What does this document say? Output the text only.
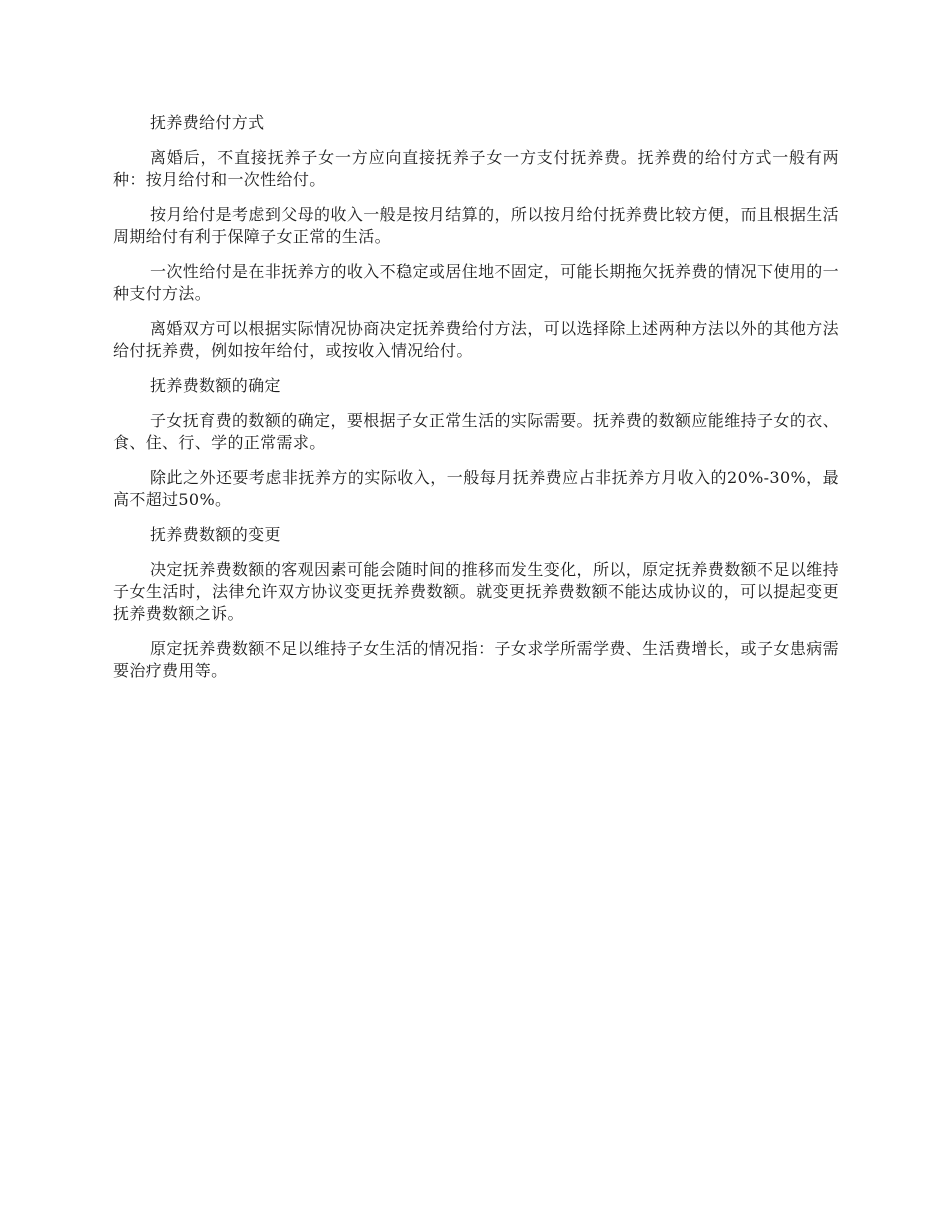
抚养费给付方式

离婚后，不直接抚养子女一方应向直接抚养子女一方支付抚养费。抚养费的给付方式一般有两种：按月给付和一次性给付。

按月给付是考虑到父母的收入一般是按月结算的，所以按月给付抚养费比较方便，而且根据生活周期给付有利于保障子女正常的生活。

一次性给付是在非抚养方的收入不稳定或居住地不固定，可能长期拖欠抚养费的情况下使用的一种支付方法。

离婚双方可以根据实际情况协商决定抚养费给付方法，可以选择除上述两种方法以外的其他方法给付抚养费，例如按年给付，或按收入情况给付。

抚养费数额的确定

子女抚育费的数额的确定，要根据子女正常生活的实际需要。抚养费的数额应能维持子女的衣、食、住、行、学的正常需求。

除此之外还要考虑非抚养方的实际收入，一般每月抚养费应占非抚养方月收入的20%-30%，最高不超过50%。

抚养费数额的变更

决定抚养费数额的客观因素可能会随时间的推移而发生变化，所以，原定抚养费数额不足以维持子女生活时，法律允许双方协议变更抚养费数额。就变更抚养费数额不能达成协议的，可以提起变更抚养费数额之诉。

原定抚养费数额不足以维持子女生活的情况指：子女求学所需学费、生活费增长，或子女患病需要治疗费用等。
